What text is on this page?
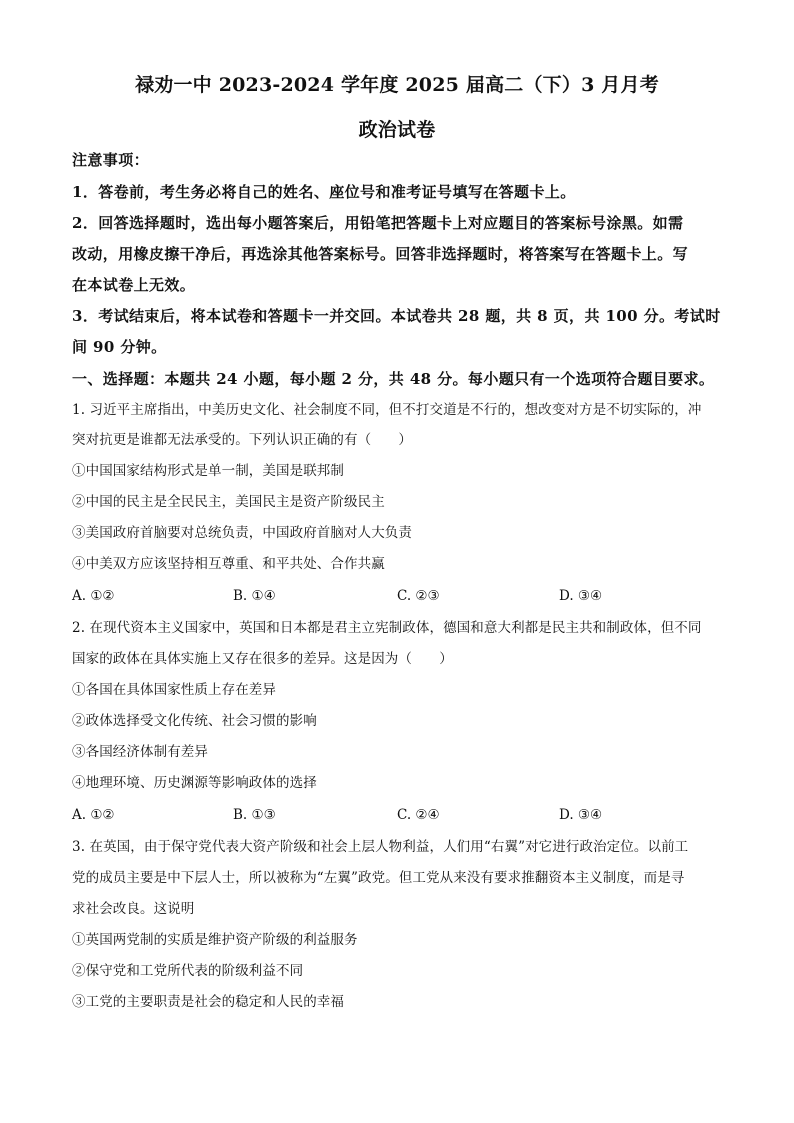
禄劝一中 2023-2024 学年度 2025 届高二（下）3 月月考
政治试卷
注意事项：
1．答卷前，考生务必将自己的姓名、座位号和准考证号填写在答题卡上。
2．回答选择题时，选出每小题答案后，用铅笔把答题卡上对应题目的答案标号涂黑。如需
改动，用橡皮擦干净后，再选涂其他答案标号。回答非选择题时，将答案写在答题卡上。写
在本试卷上无效。
3．考试结束后，将本试卷和答题卡一并交回。本试卷共 28 题，共 8 页，共 100 分。考试时
间 90 分钟。
一、选择题：本题共 24 小题，每小题 2 分，共 48 分。每小题只有一个选项符合题目要求。
1. 习近平主席指出，中美历史文化、社会制度不同，但不打交道是不行的，想改变对方是不切实际的，冲
突对抗更是谁都无法承受的。下列认识正确的有（　　）
①中国国家结构形式是单一制，美国是联邦制
②中国的民主是全民民主，美国民主是资产阶级民主
③美国政府首脑要对总统负责，中国政府首脑对人大负责
④中美双方应该坚持相互尊重、和平共处、合作共赢
A. ①②	B. ①④	C. ②③	D. ③④
2. 在现代资本主义国家中，英国和日本都是君主立宪制政体，德国和意大利都是民主共和制政体，但不同
国家的政体在具体实施上又存在很多的差异。这是因为（　　）
①各国在具体国家性质上存在差异
②政体选择受文化传统、社会习惯的影响
③各国经济体制有差异
④地理环境、历史渊源等影响政体的选择
A. ①②	B. ①③	C. ②④	D. ③④
3. 在英国，由于保守党代表大资产阶级和社会上层人物利益，人们用“右翼”对它进行政治定位。以前工
党的成员主要是中下层人士，所以被称为“左翼”政党。但工党从来没有要求推翻资本主义制度，而是寻
求社会改良。这说明
①英国两党制的实质是维护资产阶级的利益服务
②保守党和工党所代表的阶级利益不同
③工党的主要职责是社会的稳定和人民的幸福
